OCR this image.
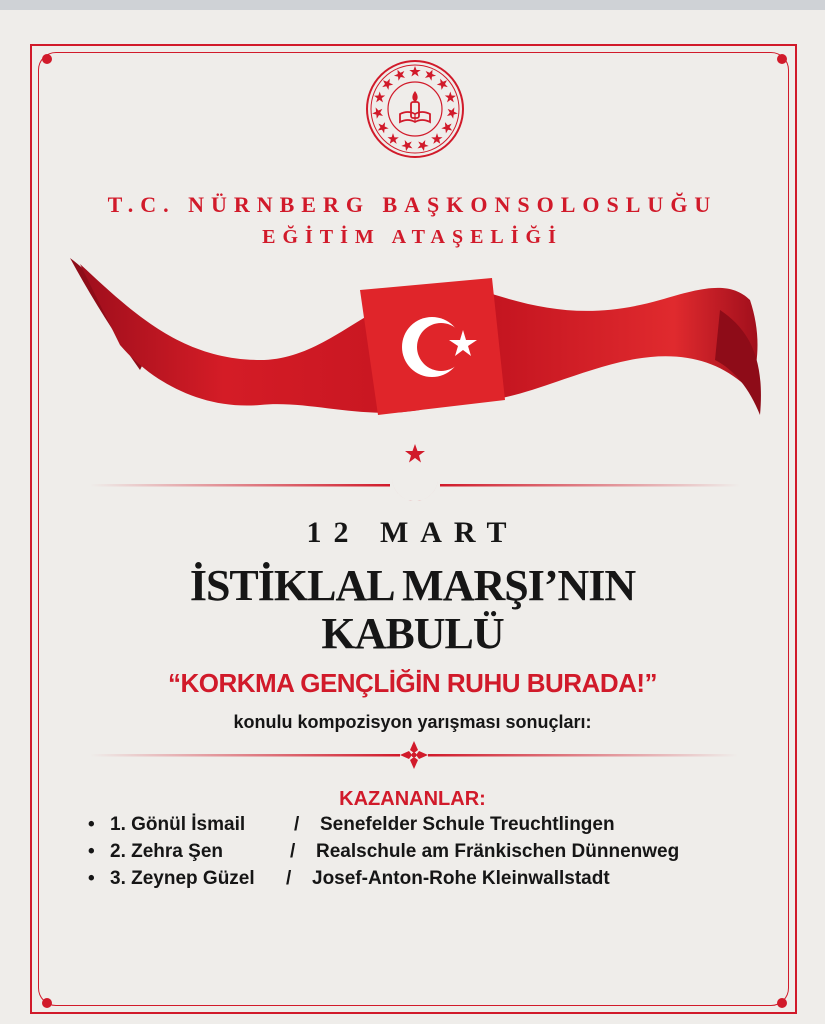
T.C. NÜRNBERG BAŞKONSOLOSLUĞU
EĞİTİM ATAŞELİĞİ
12 MART
İSTİKLAL MARŞI’NIN
KABULÜ
“KORKMA GENÇLİĞİN RUHU BURADA!”
konulu kompozisyon yarışması sonuçları:
KAZANANLAR:
• 1. Gönül İsmail	/ Senefelder Schule Treuchtlingen
• 2. Zehra Şen	/ Realschule am Fränkischen Dünnenweg
• 3. Zeynep Güzel / Josef-Anton-Rohe Kleinwallstadt
